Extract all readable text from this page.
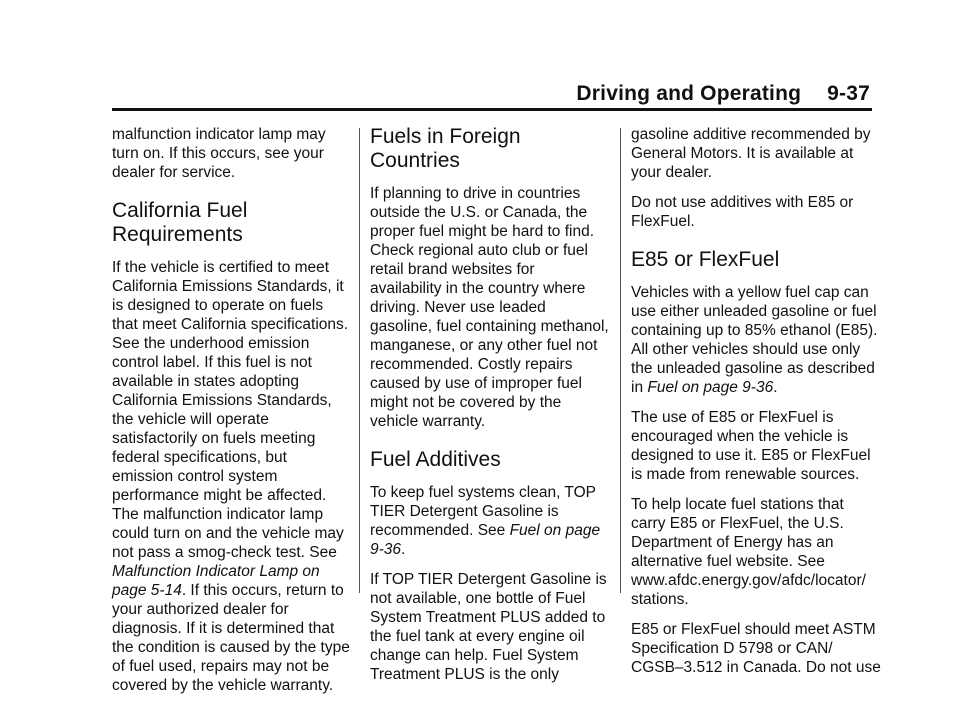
Driving and Operating 9-37

malfunction indicator lamp may turn on. If this occurs, see your dealer for service.

California Fuel Requirements

If the vehicle is certified to meet California Emissions Standards, it is designed to operate on fuels that meet California specifications. See the underhood emission control label. If this fuel is not available in states adopting California Emissions Standards, the vehicle will operate satisfactorily on fuels meeting federal specifications, but emission control system performance might be affected. The malfunction indicator lamp could turn on and the vehicle may not pass a smog-check test. See Malfunction Indicator Lamp on page 5-14. If this occurs, return to your authorized dealer for diagnosis. If it is determined that the condition is caused by the type of fuel used, repairs may not be covered by the vehicle warranty.

Fuels in Foreign Countries

If planning to drive in countries outside the U.S. or Canada, the proper fuel might be hard to find. Check regional auto club or fuel retail brand websites for availability in the country where driving. Never use leaded gasoline, fuel containing methanol, manganese, or any other fuel not recommended. Costly repairs caused by use of improper fuel might not be covered by the vehicle warranty.

Fuel Additives

To keep fuel systems clean, TOP TIER Detergent Gasoline is recommended. See Fuel on page 9-36.

If TOP TIER Detergent Gasoline is not available, one bottle of Fuel System Treatment PLUS added to the fuel tank at every engine oil change can help. Fuel System Treatment PLUS is the only

gasoline additive recommended by General Motors. It is available at your dealer.

Do not use additives with E85 or FlexFuel.

E85 or FlexFuel

Vehicles with a yellow fuel cap can use either unleaded gasoline or fuel containing up to 85% ethanol (E85). All other vehicles should use only the unleaded gasoline as described in Fuel on page 9-36.

The use of E85 or FlexFuel is encouraged when the vehicle is designed to use it. E85 or FlexFuel is made from renewable sources.

To help locate fuel stations that carry E85 or FlexFuel, the U.S. Department of Energy has an alternative fuel website. See www.afdc.energy.gov/afdc/locator/ stations.

E85 or FlexFuel should meet ASTM Specification D 5798 or CAN/ CGSB–3.512 in Canada. Do not use
